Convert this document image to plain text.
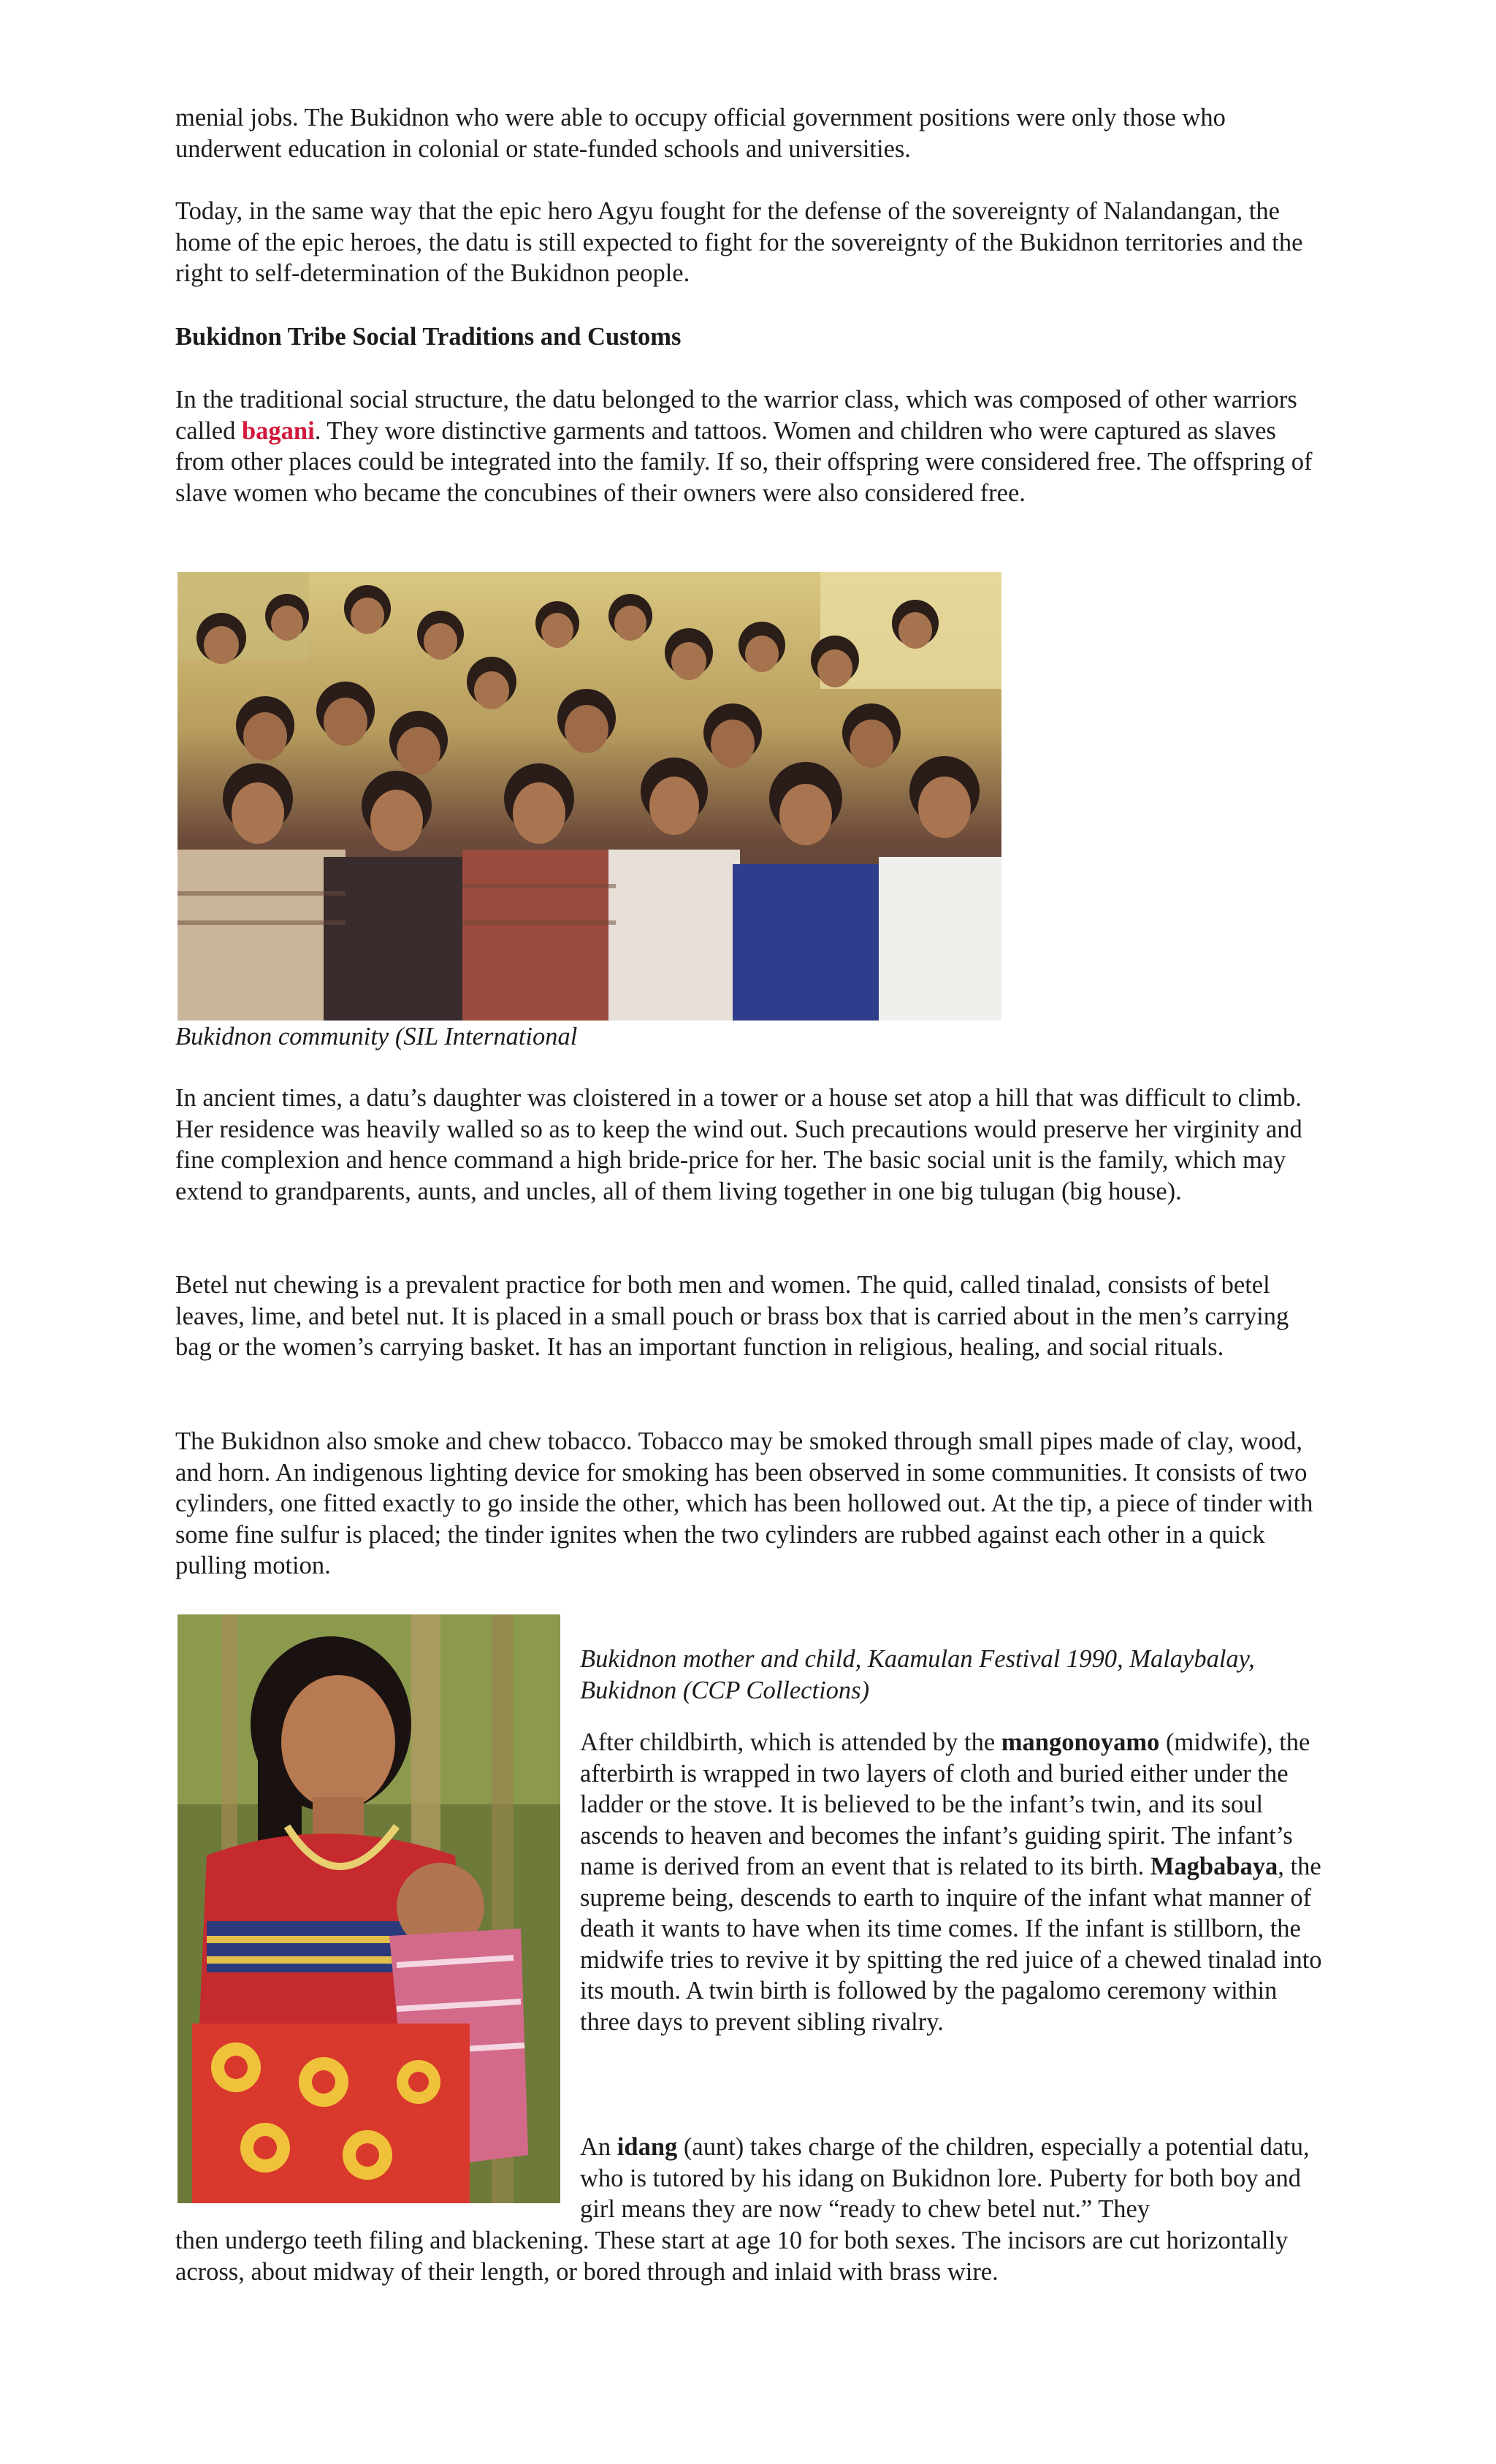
menial jobs. The Bukidnon who were able to occupy official government positions were only those who underwent education in colonial or state-funded schools and universities.

Today, in the same way that the epic hero Agyu fought for the defense of the sovereignty of Nalandangan, the home of the epic heroes, the datu is still expected to fight for the sovereignty of the Bukidnon territories and the right to self-determination of the Bukidnon people.

Bukidnon Tribe Social Traditions and Customs

In the traditional social structure, the datu belonged to the warrior class, which was composed of other warriors called bagani. They wore distinctive garments and tattoos. Women and children who were captured as slaves from other places could be integrated into the family. If so, their offspring were considered free. The offspring of slave women who became the concubines of their owners were also considered free.

Bukidnon community (SIL International

In ancient times, a datu’s daughter was cloistered in a tower or a house set atop a hill that was difficult to climb. Her residence was heavily walled so as to keep the wind out. Such precautions would preserve her virginity and fine complexion and hence command a high bride-price for her. The basic social unit is the family, which may extend to grandparents, aunts, and uncles, all of them living together in one big tulugan (big house).

Betel nut chewing is a prevalent practice for both men and women. The quid, called tinalad, consists of betel leaves, lime, and betel nut. It is placed in a small pouch or brass box that is carried about in the men’s carrying bag or the women’s carrying basket. It has an important function in religious, healing, and social rituals.

The Bukidnon also smoke and chew tobacco. Tobacco may be smoked through small pipes made of clay, wood, and horn. An indigenous lighting device for smoking has been observed in some communities. It consists of two cylinders, one fitted exactly to go inside the other, which has been hollowed out. At the tip, a piece of tinder with some fine sulfur is placed; the tinder ignites when the two cylinders are rubbed against each other in a quick pulling motion.

Bukidnon mother and child, Kaamulan Festival 1990, Malaybalay, Bukidnon (CCP Collections)

After childbirth, which is attended by the mangonoyamo (midwife), the afterbirth is wrapped in two layers of cloth and buried either under the ladder or the stove. It is believed to be the infant’s twin, and its soul ascends to heaven and becomes the infant’s guiding spirit. The infant’s name is derived from an event that is related to its birth. Magbabaya, the supreme being, descends to earth to inquire of the infant what manner of death it wants to have when its time comes. If the infant is stillborn, the midwife tries to revive it by spitting the red juice of a chewed tinalad into its mouth. A twin birth is followed by the pagalomo ceremony within three days to prevent sibling rivalry.

An idang (aunt) takes charge of the children, especially a potential datu, who is tutored by his idang on Bukidnon lore. Puberty for both boy and girl means they are now “ready to chew betel nut.” They

then undergo teeth filing and blackening. These start at age 10 for both sexes. The incisors are cut horizontally across, about midway of their length, or bored through and inlaid with brass wire.
